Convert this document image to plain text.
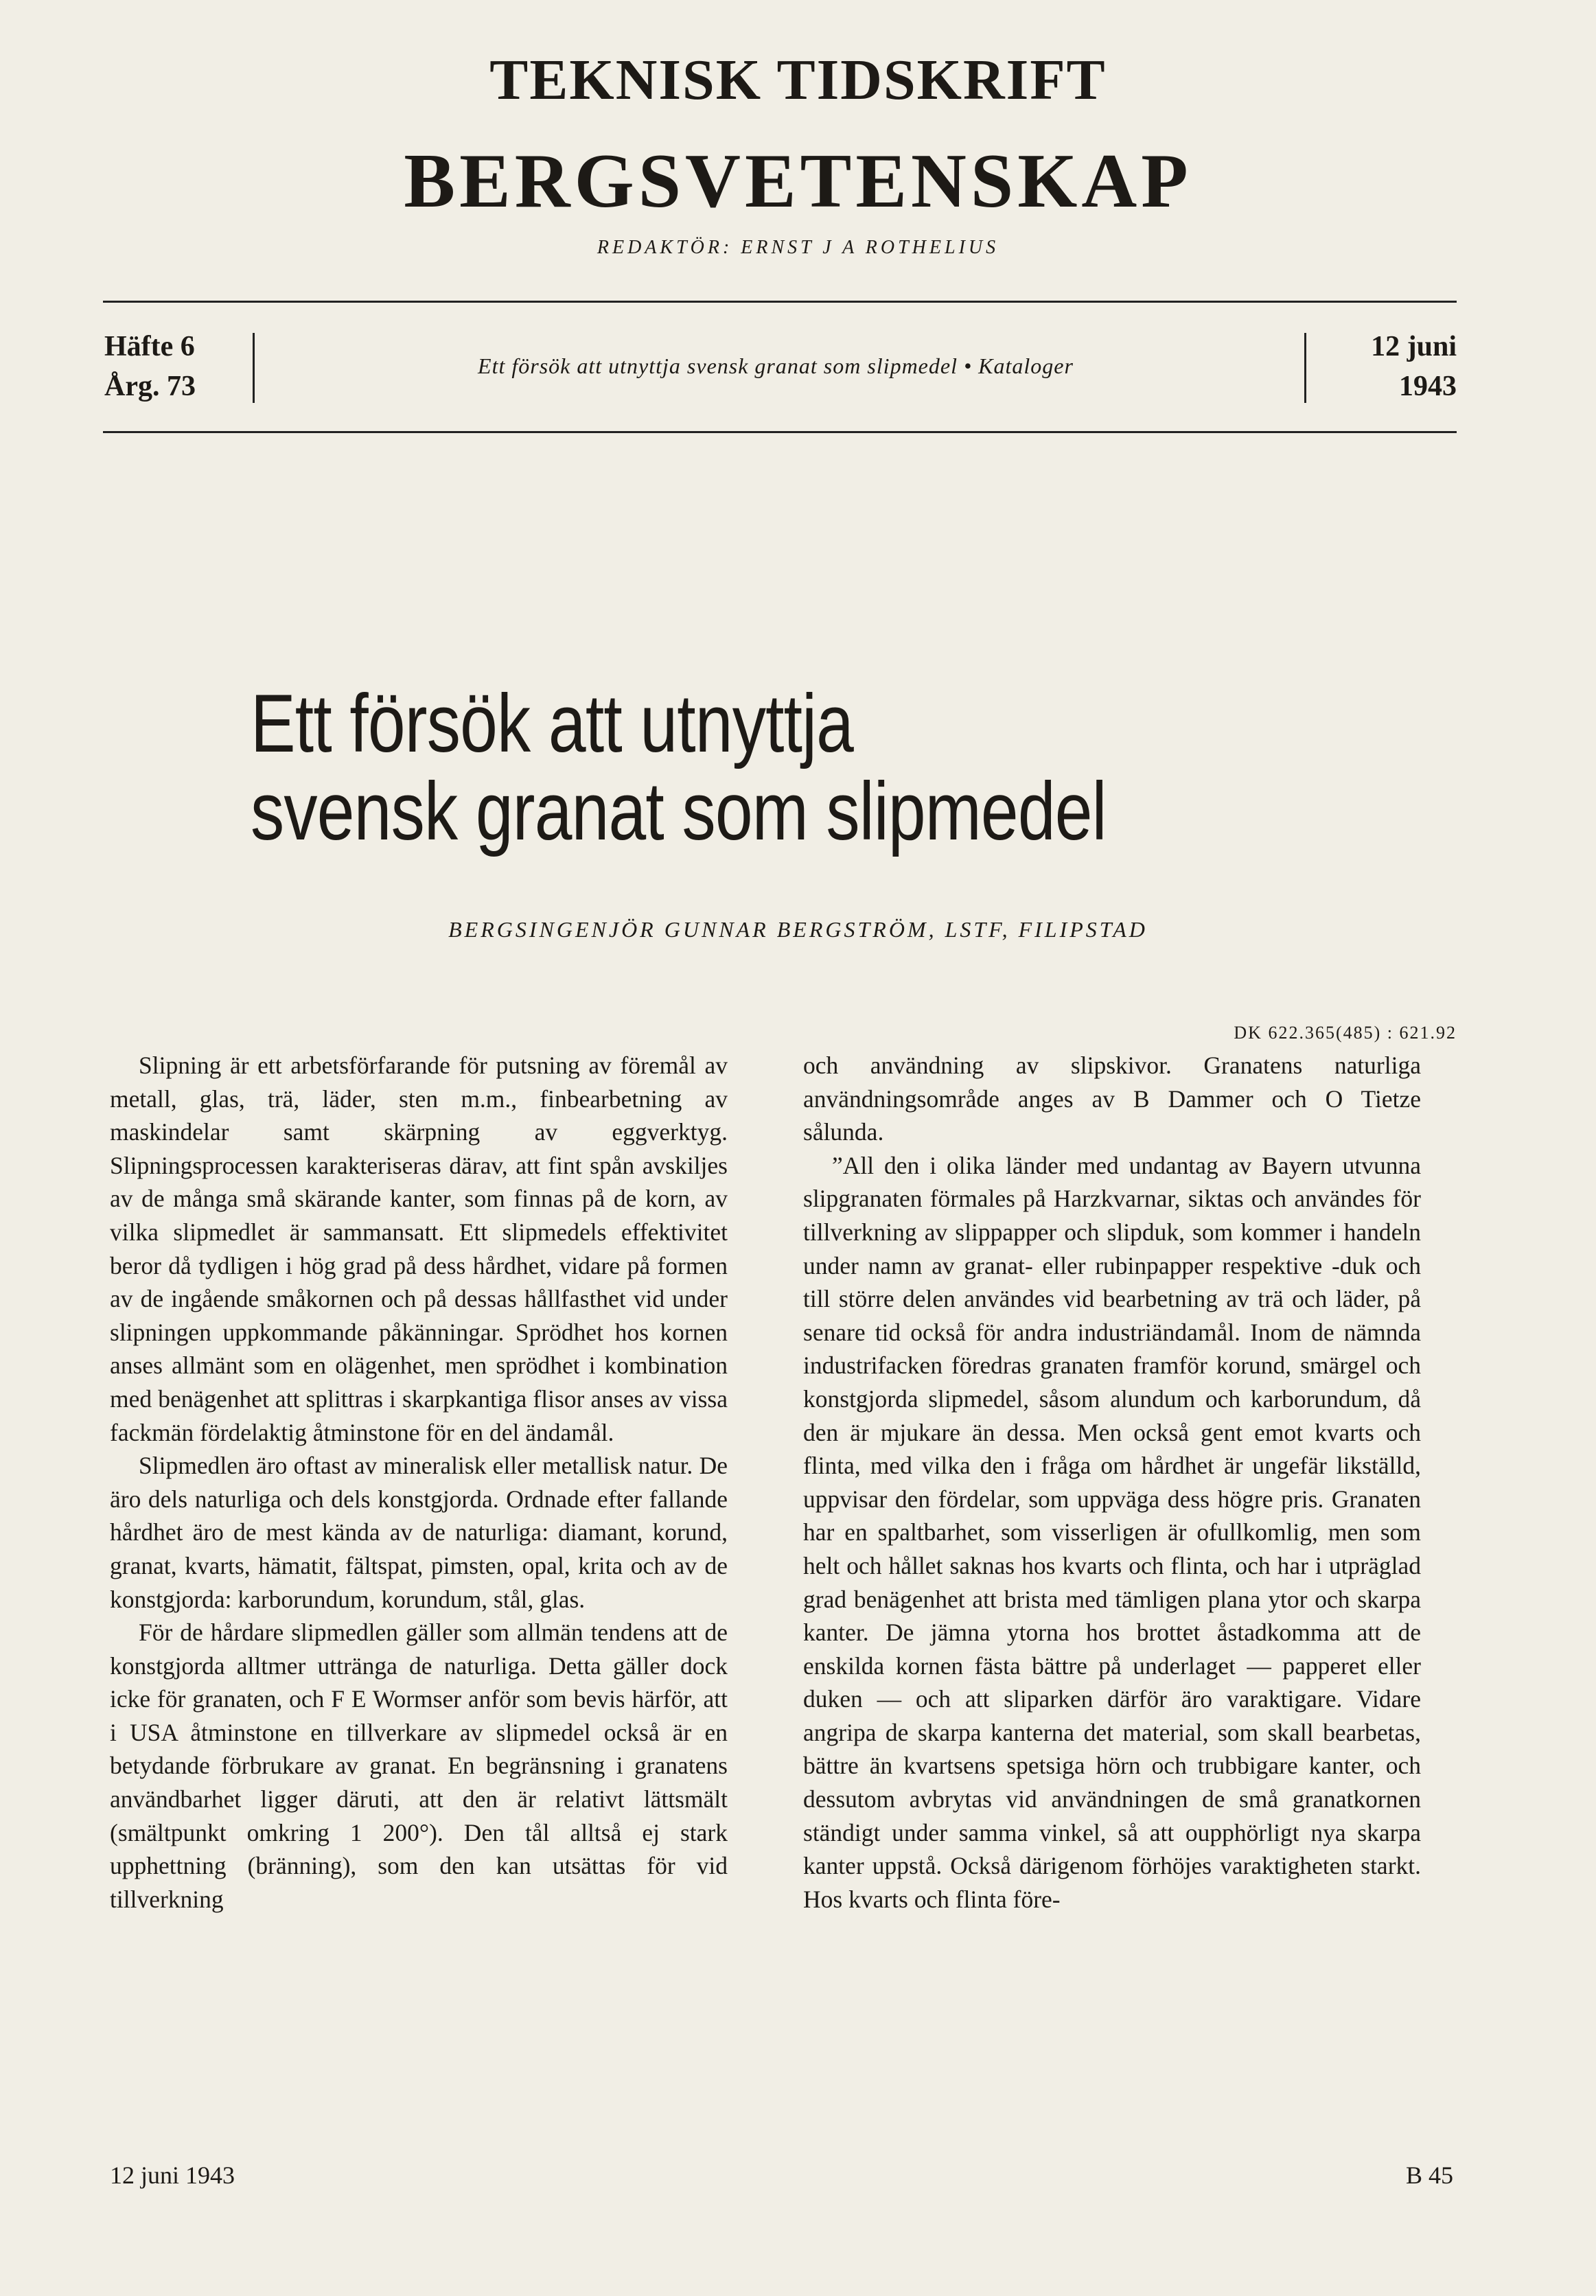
TEKNISK TIDSKRIFT
BERGSVETENSKAP
REDAKTÖR: ERNST J A ROTHELIUS
Häfte 6
Årg. 73
Ett försök att utnyttja svensk granat som slipmedel • Kataloger
12 juni
1943
Ett försök att utnyttja
svensk granat som slipmedel
BERGSINGENJÖR GUNNAR BERGSTRÖM, LSTF, FILIPSTAD
DK 622.365(485) : 621.92

Slipning är ett arbetsförfarande för putsning av föremål av metall, glas, trä, läder, sten m.m., finbearbetning av maskindelar samt skärpning av eggverktyg. Slipningsprocessen karakteriseras därav, att fint spån avskiljes av de många små skärande kanter, som finnas på de korn, av vilka slipmedlet är sammansatt. Ett slipmedels effektivitet beror då tydligen i hög grad på dess hårdhet, vidare på formen av de ingående småkornen och på dessas hållfasthet vid under slipningen uppkommande påkänningar. Sprödhet hos kornen anses allmänt som en olägenhet, men sprödhet i kombination med benägenhet att splittras i skarpkantiga flisor anses av vissa fackmän fördelaktig åtminstone för en del ändamål.

Slipmedlen äro oftast av mineralisk eller metallisk natur. De äro dels naturliga och dels konstgjorda. Ordnade efter fallande hårdhet äro de mest kända av de naturliga: diamant, korund, granat, kvarts, hämatit, fältspat, pimsten, opal, krita och av de konstgjorda: karborundum, korundum, stål, glas.

För de hårdare slipmedlen gäller som allmän tendens att de konstgjorda alltmer uttränga de naturliga. Detta gäller dock icke för granaten, och F E Wormser anför som bevis härför, att i USA åtminstone en tillverkare av slipmedel också är en betydande förbrukare av granat. En begränsning i granatens användbarhet ligger däruti, att den är relativt lättsmält (smältpunkt omkring 1 200°). Den tål alltså ej stark upphettning (bränning), som den kan utsättas för vid tillverkning

och användning av slipskivor. Granatens naturliga användningsområde anges av B Dammer och O Tietze sålunda.

”All den i olika länder med undantag av Bayern utvunna slipgranaten förmales på Harzkvarnar, siktas och användes för tillverkning av slippapper och slipduk, som kommer i handeln under namn av granat- eller rubinpapper respektive -duk och till större delen användes vid bearbetning av trä och läder, på senare tid också för andra industriändamål. Inom de nämnda industrifacken föredras granaten framför korund, smärgel och konstgjorda slipmedel, såsom alundum och karborundum, då den är mjukare än dessa. Men också gent emot kvarts och flinta, med vilka den i fråga om hårdhet är ungefär likställd, uppvisar den fördelar, som uppväga dess högre pris. Granaten har en spaltbarhet, som visserligen är ofullkomlig, men som helt och hållet saknas hos kvarts och flinta, och har i utpräglad grad benägenhet att brista med tämligen plana ytor och skarpa kanter. De jämna ytorna hos brottet åstadkomma att de enskilda kornen fästa bättre på underlaget — papperet eller duken — och att sliparken därför äro varaktigare. Vidare angripa de skarpa kanterna det material, som skall bearbetas, bättre än kvartsens spetsiga hörn och trubbigare kanter, och dessutom avbrytas vid användningen de små granatkornen ständigt under samma vinkel, så att oupphörligt nya skarpa kanter uppstå. Också därigenom förhöjes varaktigheten starkt. Hos kvarts och flinta före-

12 juni 1943	B 45
